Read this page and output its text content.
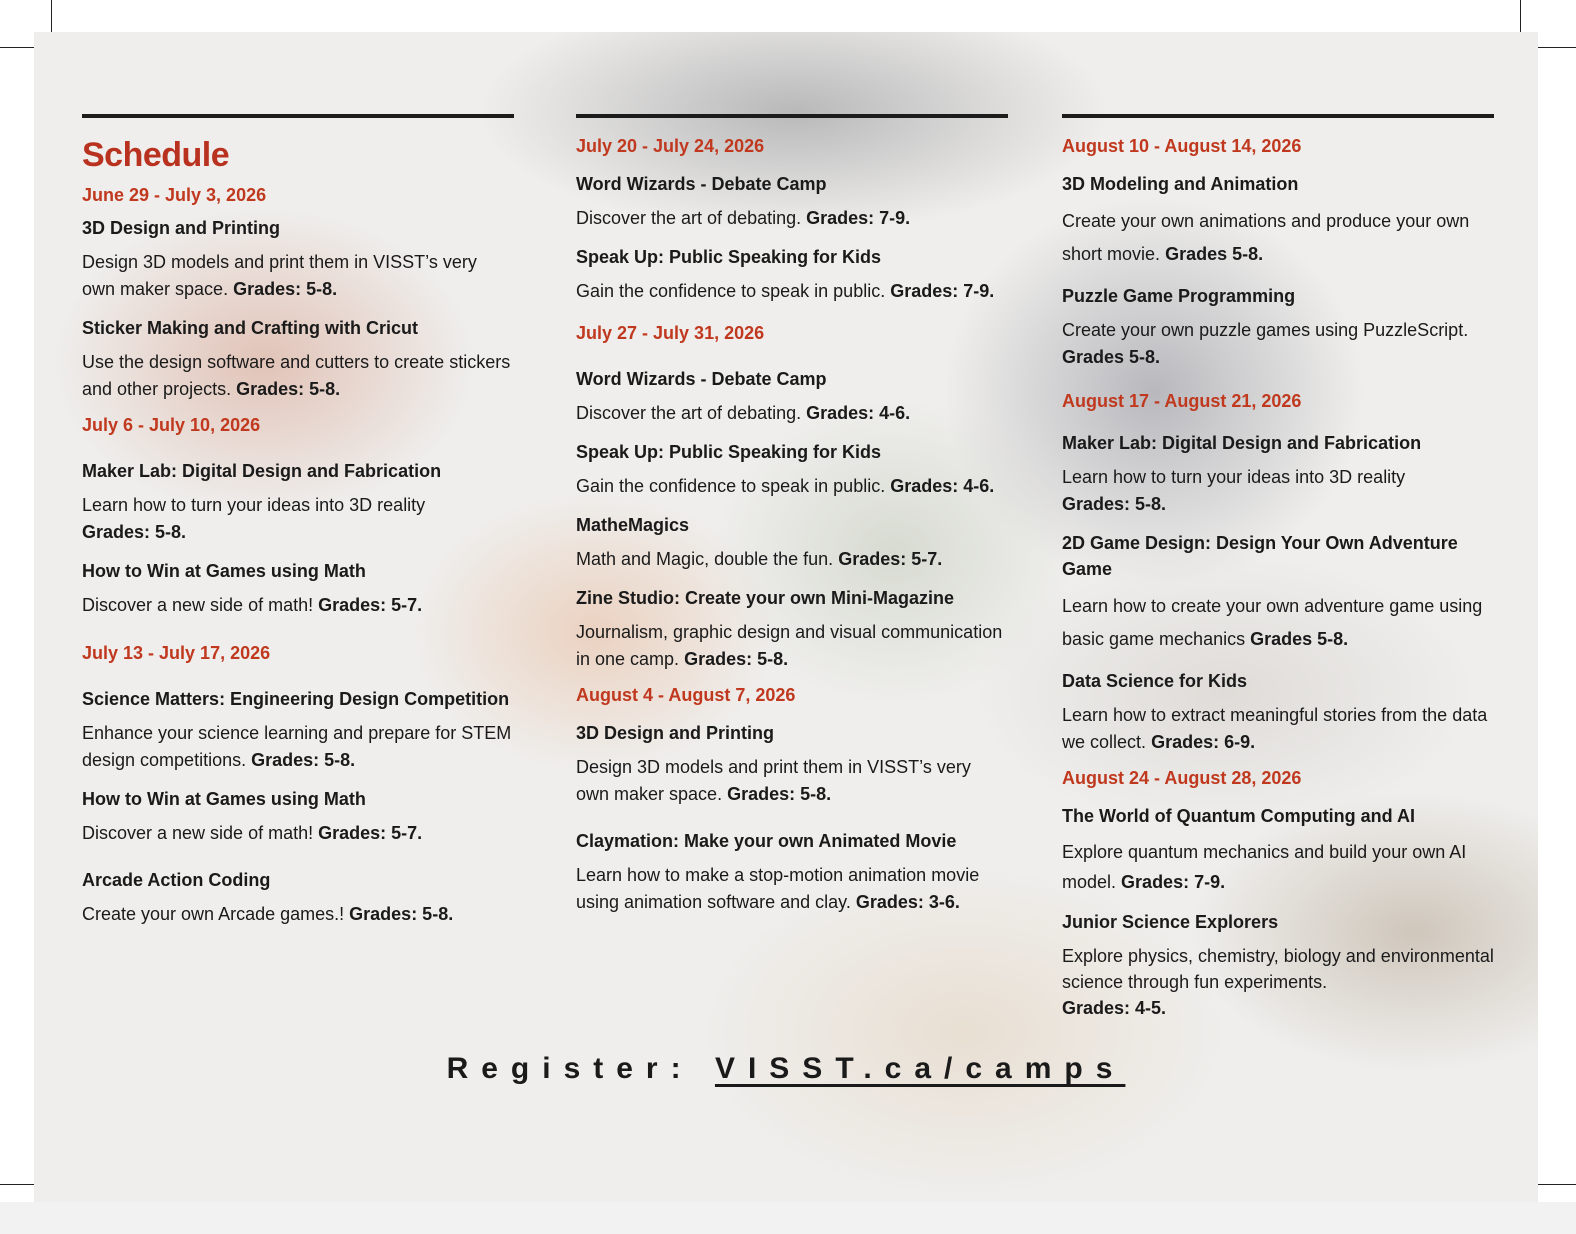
Schedule
June 29 - July 3, 2026
3D Design and Printing
Design 3D models and print them in VISST’s very own maker space. Grades: 5-8.
Sticker Making and Crafting with Cricut
Use the design software and cutters to create stickers and other projects. Grades: 5-8.
July 6 - July 10, 2026
Maker Lab: Digital Design and Fabrication
Learn how to turn your ideas into 3D reality
Grades: 5-8.
How to Win at Games using Math
Discover a new side of math! Grades: 5-7.
July 13 - July 17, 2026
Science Matters: Engineering Design Competition
Enhance your science learning and prepare for STEM design competitions. Grades: 5-8.
How to Win at Games using Math
Discover a new side of math! Grades: 5-7.
Arcade Action Coding
Create your own Arcade games.! Grades: 5-8.
July 20 - July 24, 2026
Word Wizards - Debate Camp
Discover the art of debating. Grades: 7-9.
Speak Up: Public Speaking for Kids
Gain the confidence to speak in public. Grades: 7-9.
July 27 - July 31, 2026
Word Wizards - Debate Camp
Discover the art of debating. Grades: 4-6.
Speak Up: Public Speaking for Kids
Gain the confidence to speak in public. Grades: 4-6.
MatheMagics
Math and Magic, double the fun. Grades: 5-7.
Zine Studio: Create your own Mini-Magazine
Journalism, graphic design and visual communication in one camp. Grades: 5-8.
August 4 - August 7, 2026
3D Design and Printing
Design 3D models and print them in VISST’s very own maker space. Grades: 5-8.
Claymation: Make your own Animated Movie
Learn how to make a stop-motion animation movie using animation software and clay. Grades: 3-6.
August 10 - August 14, 2026
3D Modeling and Animation
Create your own animations and produce your own short movie. Grades 5-8.
Puzzle Game Programming
Create your own puzzle games using PuzzleScript. Grades 5-8.
August 17 - August 21, 2026
Maker Lab: Digital Design and Fabrication
Learn how to turn your ideas into 3D reality
Grades: 5-8.
2D Game Design: Design Your Own Adventure Game
Learn how to create your own adventure game using basic game mechanics Grades 5-8.
Data Science for Kids
Learn how to extract meaningful stories from the data we collect. Grades: 6-9.
August 24 - August 28, 2026
The World of Quantum Computing and AI
Explore quantum mechanics and build your own AI model. Grades: 7-9.
Junior Science Explorers
Explore physics, chemistry, biology and environmental science through fun experiments.
Grades: 4-5.
Register: VISST.ca/camps
